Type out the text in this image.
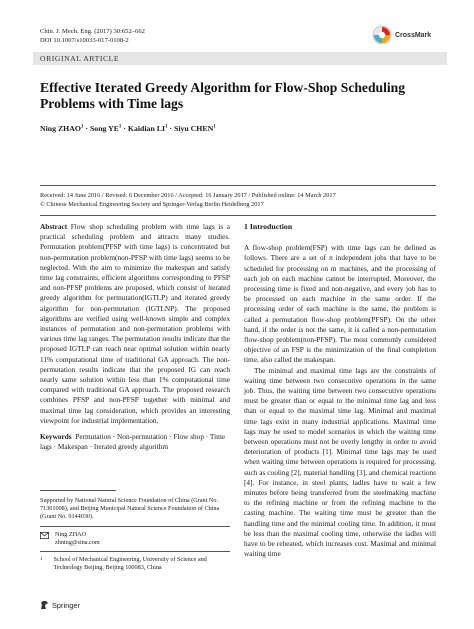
Chin. J. Mech. Eng. (2017) 30:652–662
DOI 10.1007/s10033-017-0108-2
CrossMark
ORIGINAL ARTICLE
Effective Iterated Greedy Algorithm for Flow-Shop Scheduling Problems with Time lags
Ning $ZHAO^1$ · Song $YE^1$ · Kaidian $LI^1$ · Siyu CHEN$^1$
Received: 14 June 2016 / Revised: 6 December 2016 / Accepted: 16 January 2017 / Published online: 14 March 2017
© Chinese Mechanical Engineering Society and Springer-Verlag Berlin Heidelberg 2017

Abstract Flow shop scheduling problem with time lags is a practical scheduling problem and attracts many studies. Permutation problem(PFSP with time lags) is concentrated but non-permutation problem(non-PFSP with time lags) seems to be neglected. With the aim to minimize the makespan and satisfy time lag constraints, efficient algorithms corresponding to PFSP and non-PFSP problems are proposed, which consist of iterated greedy algorithm for permutation(IGTLP) and iterated greedy algorithm for non-permutation (IGTLNP). The proposed algorithms are verified using well-known simple and complex instances of permutation and non-permutation problems with various time lag ranges. The permutation results indicate that the proposed IGTLP can reach near optimal solution within nearly 11% computational time of traditional GA approach. The non-permutation results indicate that the proposed IG can reach nearly same solution within less than 1% computational time compared with traditional GA approach. The proposed research combines PFSP and non-PFSP together with minimal and maximal time lag consideration, which provides an interesting viewpoint for industrial implementation.

Keywords Permutation · Non-permutation · Flow shop · Time lags · Makespan · Iterated greedy algorithm
Supported by National Natural Science Foundation of China (Grant No. 71301008), and Beijing Municipal Natural Science Foundation of China (Grant No. 9144030).
Ning ZHAO
zhning@sina.com
1	School of Mechanical Engineering, University of Science and Technology Beijing, Beijing 100083, China
Springer
1 Introduction

A flow-shop problem(FSP) with time lags can be defined as follows. There are a set of n independent jobs that have to be scheduled for processing on m machines, and the processing of each job on each machine cannot be interrupted. Moreover, the processing time is fixed and non-negative, and every job has to be processed on each machine in the same order. If the processing order of each machine is the same, the problem is called a permutation flow-shop problem(PFSP). On the other hand, if the order is not the same, it is called a non-permutation flow-shop problem(non-PFSP). The most commonly considered objective of an FSP is the minimization of the final completion time, also called the makespan.

The minimal and maximal time lags are the constraints of waiting time between two consecutive operations in the same job. Thus, the waiting time between two consecutive operations must be greater than or equal to the minimal time lag and less than or equal to the maximal time lag. Minimal and maximal time lags exist in many industrial applications. Maximal time lags may be used to model scenarios in which the waiting time between operations must not be overly lengthy in order to avoid deterioration of products [1]. Minimal time lags may be used when waiting time between operations is required for processing, such as cooling [2], material handling [3], and chemical reactions [4]. For instance, in steel plants, ladles have to wait a few minutes before being transferred from the steelmaking machine to the refining machine or from the refining machine to the casting machine. The waiting time must be greater than the handling time and the minimal cooling time. In addition, it must be less than the maximal cooling time, otherwise the ladles will have to be reheated, which increases cost. Maximal and minimal waiting time
